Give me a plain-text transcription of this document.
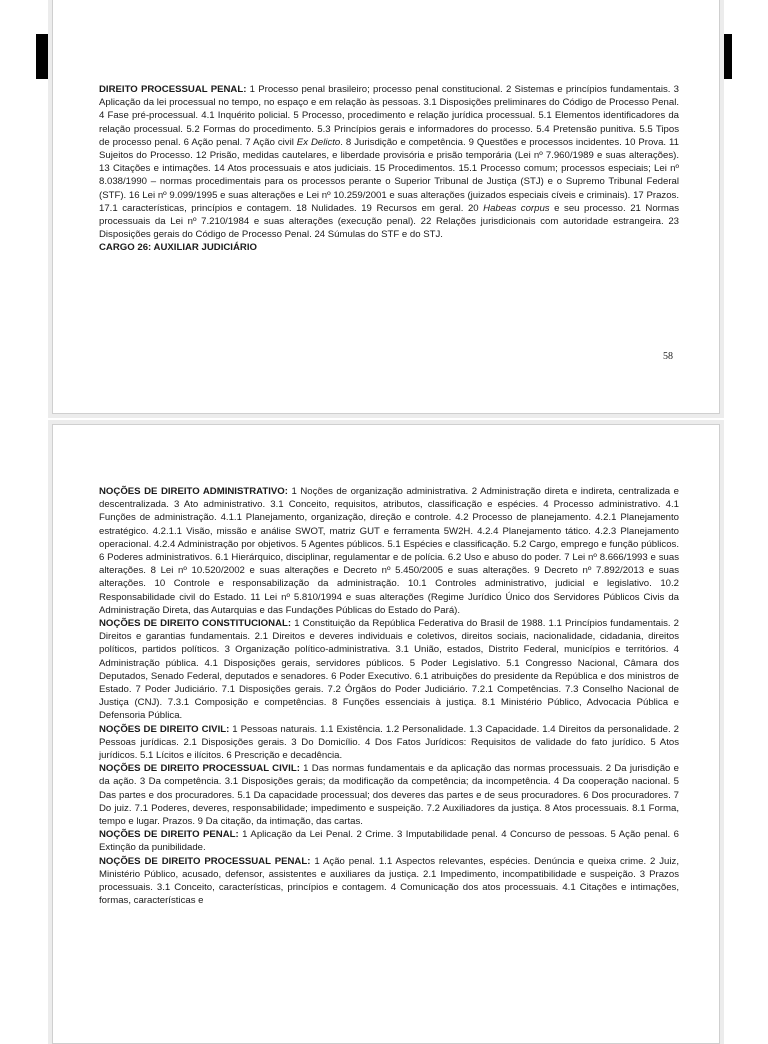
DIREITO PROCESSUAL PENAL: 1 Processo penal brasileiro; processo penal constitucional. 2 Sistemas e princípios fundamentais. 3 Aplicação da lei processual no tempo, no espaço e em relação às pessoas. 3.1 Disposições preliminares do Código de Processo Penal. 4 Fase pré-processual. 4.1 Inquérito policial. 5 Processo, procedimento e relação jurídica processual. 5.1 Elementos identificadores da relação processual. 5.2 Formas do procedimento. 5.3 Princípios gerais e informadores do processo. 5.4 Pretensão punitiva. 5.5 Tipos de processo penal. 6 Ação penal. 7 Ação civil Ex Delicto. 8 Jurisdição e competência. 9 Questões e processos incidentes. 10 Prova. 11 Sujeitos do Processo. 12 Prisão, medidas cautelares, e liberdade provisória e prisão temporária (Lei nº 7.960/1989 e suas alterações). 13 Citações e intimações. 14 Atos processuais e atos judiciais. 15 Procedimentos. 15.1 Processo comum; processos especiais; Lei nº 8.038/1990 – normas procedimentais para os processos perante o Superior Tribunal de Justiça (STJ) e o Supremo Tribunal Federal (STF). 16 Lei nº 9.099/1995 e suas alterações e Lei nº 10.259/2001 e suas alterações (juizados especiais cíveis e criminais). 17 Prazos. 17.1 características, princípios e contagem. 18 Nulidades. 19 Recursos em geral. 20 Habeas corpus e seu processo. 21 Normas processuais da Lei nº 7.210/1984 e suas alterações (execução penal). 22 Relações jurisdicionais com autoridade estrangeira. 23 Disposições gerais do Código de Processo Penal. 24 Súmulas do STF e do STJ.
CARGO 26: AUXILIAR JUDICIÁRIO
58
NOÇÕES DE DIREITO ADMINISTRATIVO: 1 Noções de organização administrativa. 2 Administração direta e indireta, centralizada e descentralizada. 3 Ato administrativo. 3.1 Conceito, requisitos, atributos, classificação e espécies. 4 Processo administrativo. 4.1 Funções de administração. 4.1.1 Planejamento, organização, direção e controle. 4.2 Processo de planejamento. 4.2.1 Planejamento estratégico. 4.2.1.1 Visão, missão e análise SWOT, matriz GUT e ferramenta 5W2H. 4.2.4 Planejamento tático. 4.2.3 Planejamento operacional. 4.2.4 Administração por objetivos. 5 Agentes públicos. 5.1 Espécies e classificação. 5.2 Cargo, emprego e função públicos. 6 Poderes administrativos. 6.1 Hierárquico, disciplinar, regulamentar e de polícia. 6.2 Uso e abuso do poder. 7 Lei nº 8.666/1993 e suas alterações. 8 Lei nº 10.520/2002 e suas alterações e Decreto nº 5.450/2005 e suas alterações. 9 Decreto nº 7.892/2013 e suas alterações. 10 Controle e responsabilização da administração. 10.1 Controles administrativo, judicial e legislativo. 10.2 Responsabilidade civil do Estado. 11 Lei nº 5.810/1994 e suas alterações (Regime Jurídico Único dos Servidores Públicos Civis da Administração Direta, das Autarquias e das Fundações Públicas do Estado do Pará).
NOÇÕES DE DIREITO CONSTITUCIONAL: 1 Constituição da República Federativa do Brasil de 1988. 1.1 Princípios fundamentais. 2 Direitos e garantias fundamentais. 2.1 Direitos e deveres individuais e coletivos, direitos sociais, nacionalidade, cidadania, direitos políticos, partidos políticos. 3 Organização político-administrativa. 3.1 União, estados, Distrito Federal, municípios e territórios. 4 Administração pública. 4.1 Disposições gerais, servidores públicos. 5 Poder Legislativo. 5.1 Congresso Nacional, Câmara dos Deputados, Senado Federal, deputados e senadores. 6 Poder Executivo. 6.1 atribuições do presidente da República e dos ministros de Estado. 7 Poder Judiciário. 7.1 Disposições gerais. 7.2 Órgãos do Poder Judiciário. 7.2.1 Competências. 7.3 Conselho Nacional de Justiça (CNJ). 7.3.1 Composição e competências. 8 Funções essenciais à justiça. 8.1 Ministério Público, Advocacia Pública e Defensoria Pública.
NOÇÕES DE DIREITO CIVIL: 1 Pessoas naturais. 1.1 Existência. 1.2 Personalidade. 1.3 Capacidade. 1.4 Direitos da personalidade. 2 Pessoas jurídicas. 2.1 Disposições gerais. 3 Do Domicílio. 4 Dos Fatos Jurídicos: Requisitos de validade do fato jurídico. 5 Atos jurídicos. 5.1 Lícitos e ilícitos. 6 Prescrição e decadência.
NOÇÕES DE DIREITO PROCESSUAL CIVIL: 1 Das normas fundamentais e da aplicação das normas processuais. 2 Da jurisdição e da ação. 3 Da competência. 3.1 Disposições gerais; da modificação da competência; da incompetência. 4 Da cooperação nacional. 5 Das partes e dos procuradores. 5.1 Da capacidade processual; dos deveres das partes e de seus procuradores. 6 Dos procuradores. 7 Do juiz. 7.1 Poderes, deveres, responsabilidade; impedimento e suspeição. 7.2 Auxiliadores da justiça. 8 Atos processuais. 8.1 Forma, tempo e lugar. Prazos. 9 Da citação, da intimação, das cartas.
NOÇÕES DE DIREITO PENAL: 1 Aplicação da Lei Penal. 2 Crime. 3 Imputabilidade penal. 4 Concurso de pessoas. 5 Ação penal. 6 Extinção da punibilidade.
NOÇÕES DE DIREITO PROCESSUAL PENAL: 1 Ação penal. 1.1 Aspectos relevantes, espécies. Denúncia e queixa crime. 2 Juiz, Ministério Público, acusado, defensor, assistentes e auxiliares da justiça. 2.1 Impedimento, incompatibilidade e suspeição. 3 Prazos processuais. 3.1 Conceito, características, princípios e contagem. 4 Comunicação dos atos processuais. 4.1 Citações e intimações, formas, características e
